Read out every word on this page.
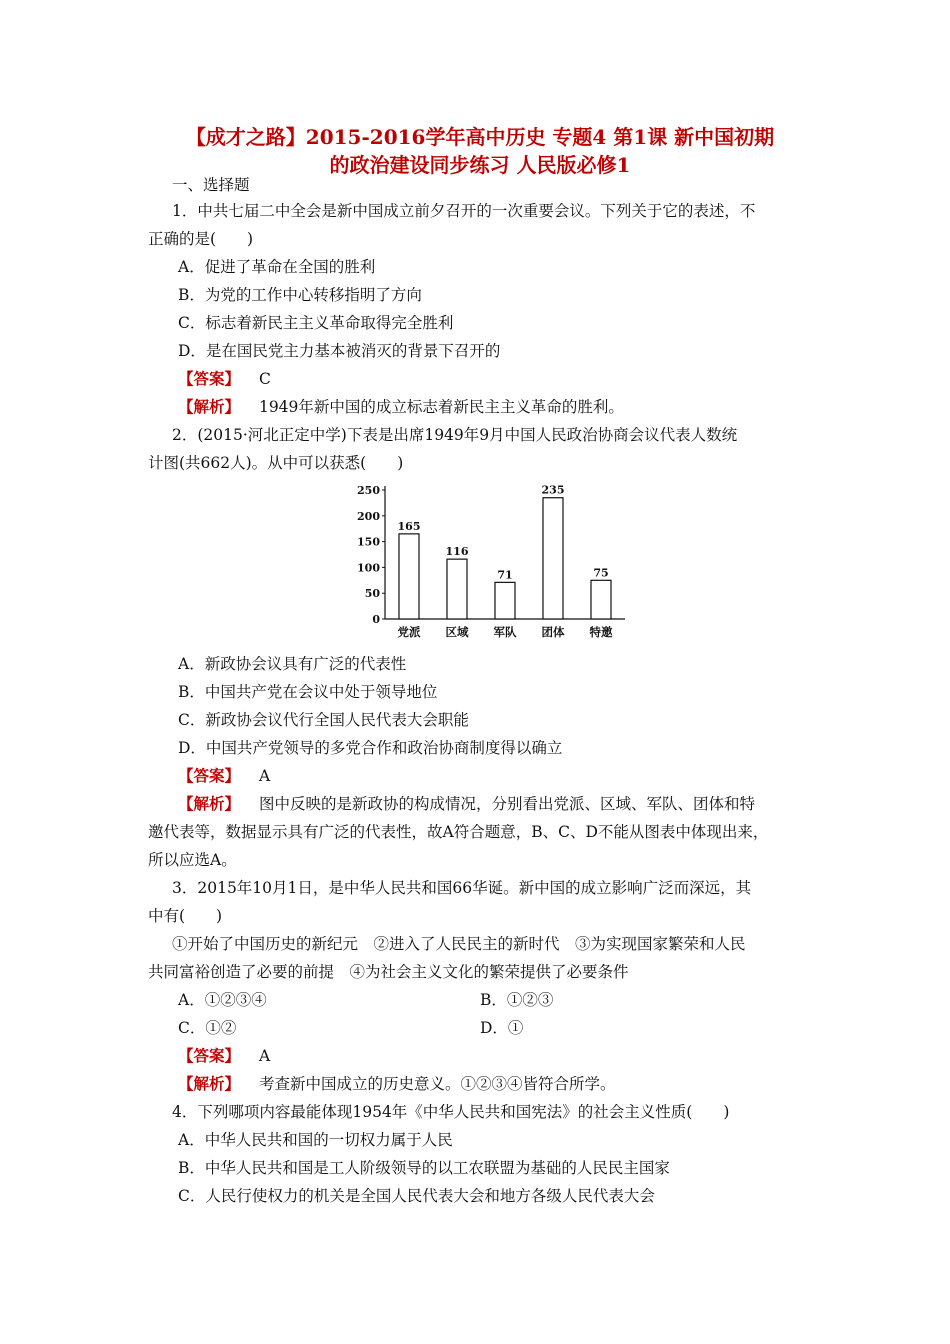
【成才之路】2015-2016学年高中历史 专题4 第1课 新中国初期
的政治建设同步练习 人民版必修1
一、选择题
1．中共七届二中全会是新中国成立前夕召开的一次重要会议。下列关于它的表述，不
正确的是(　　)
A．促进了革命在全国的胜利
B．为党的工作中心转移指明了方向
C．标志着新民主主义革命取得完全胜利
D．是在国民党主力基本被消灭的背景下召开的
【答案】 C
【解析】 1949年新中国的成立标志着新民主主义革命的胜利。
2．(2015·河北正定中学)下表是出席1949年9月中国人民政治协商会议代表人数统
计图(共662人)。从中可以获悉(　　)
0
50
100
150
200
250
165
党派
116
区域
71
军队
235
团体
75
特邀
A．新政协会议具有广泛的代表性
B．中国共产党在会议中处于领导地位
C．新政协会议代行全国人民代表大会职能
D．中国共产党领导的多党合作和政治协商制度得以确立
【答案】 A
【解析】 图中反映的是新政协的构成情况，分别看出党派、区域、军队、团体和特
邀代表等，数据显示具有广泛的代表性，故A符合题意，B、C、D不能从图表中体现出来，
所以应选A。
3．2015年10月1日，是中华人民共和国66华诞。新中国的成立影响广泛而深远，其
中有(　　)
①开始了中国历史的新纪元　②进入了人民民主的新时代　③为实现国家繁荣和人民
共同富裕创造了必要的前提　④为社会主义文化的繁荣提供了必要条件
A．①②③④	B．①②③
C．①②	D．①
【答案】 A
【解析】 考查新中国成立的历史意义。①②③④皆符合所学。
4．下列哪项内容最能体现1954年《中华人民共和国宪法》的社会主义性质(　　)
A．中华人民共和国的一切权力属于人民
B．中华人民共和国是工人阶级领导的以工农联盟为基础的人民民主国家
C．人民行使权力的机关是全国人民代表大会和地方各级人民代表大会
